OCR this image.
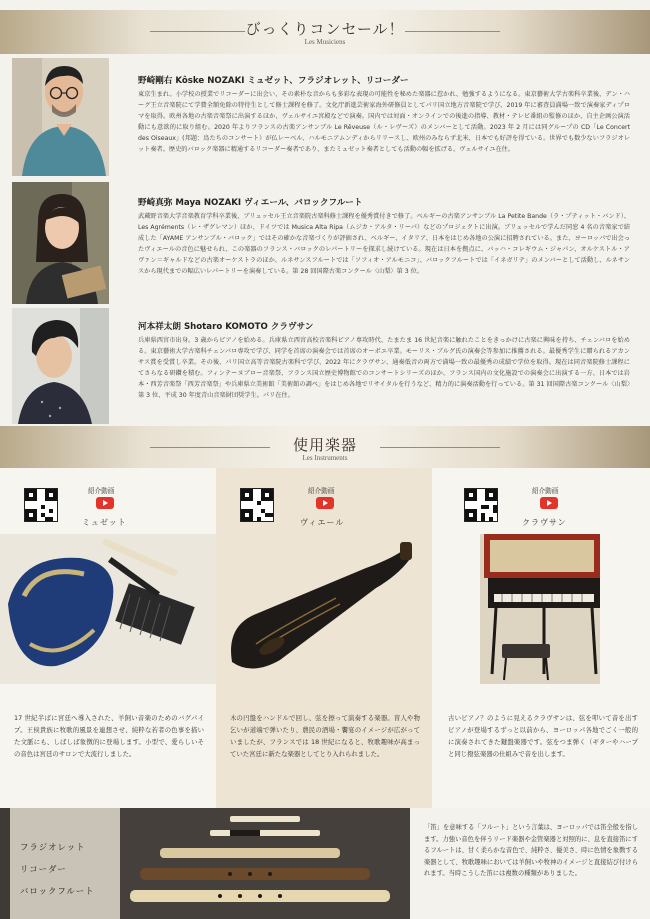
びっくりコンセール！
Les Musiciens
野崎剛右 Kôske NOZAKI ミュゼット、フラジオレット、リコーダー
東京生まれ。小学校の授業でリコーダーに出会い、その素朴な音からも多彩な表現の可能性を秘めた楽器に惹かれ、勉強するようになる。東京藝術大学古楽科卒業後、デン・ハーグ王立音楽院にて学費全額免除の特待生として修士課程を修了。文化庁新進芸術家海外研修員としてパリ国立地方音楽院で学び、2019 年に審査員満場一致で演奏家ディプロマを取得。欧州各地の古楽音楽祭に出演するほか、ヴェルサイユ宮殿などで演奏。国内では対面・オンラインでの後進の指導、教材・テレビ番組の監修のほか、自主企画公演活動にも意欲的に取り組む。2020 年よりフランスの古楽アンサンブル Le Rêveuse（ル・レヴーズ）のメンバーとして活動。2023 年 2 月には同グループの CD「Le Concert des Oiseaux」(邦題：鳥たちのコンサート）が仏レーベル、ハルモニアムンディからリリースし、欧州のみならず北米、日本でも好評を得ている。世界でも数少ないフラジオレット奏者。歴史的バロック楽器に精通するリコーダー奏者であり、またミュゼット奏者としても活動の幅を拡げる。ヴェルサイユ在住。
野崎真弥 Maya NOZAKI ヴィエール、バロックフルート
武蔵野音楽大学音楽教育学科卒業後、ブリュッセル王立音楽院古楽科修士課程を優秀賞付きで修了。ベルギーの古楽アンサンブル La Petite Bande（ラ・プティット・バンド）、Les Agréments（レ・ザグレマン）ほか、ドイツでは Musica Alta Ripa（ムジカ・アルタ・リーパ）などのプロジェクトに出演。ブリュッセルで学んだ同窓 4 名の音楽家で結成した「AYAME アンサンブル・バロック」ではその確かな音楽づくりが評価され、ベルギー、イタリア、日本をはじめ各地の公演に招聘されている。また、ヨーロッパで出会ったヴィエールの音色に魅せられ、この楽器のフランス・バロックのレパートリーを探求し続けている。現在は日本を拠点に、バッハ・コレギウム・ジャパン、オルケストル・アヴァン＝ギャルドなどの古楽オーケストラのほか、ルネサンスフルートでは「ソフィオ・アルモニコ」、バロックフルートでは「イネガリテ」のメンバーとして活動し、ルネサンスから現代までの幅広いレパートリーを演奏している。第 28 回国際古楽コンクール〈山梨〉第 3 位。
河本祥太朗 Shotaro KOMOTO クラヴサン
兵庫県西宮市出身。3 歳からピアノを始める。兵庫県立西宮高校音楽科ピアノ専攻時代、たまたま 16 世紀音楽に触れたことをきっかけに古楽に興味を持ち、チェンバロを始める。東京藝術大学古楽科チェンバロ専攻で学び、同学を首席の演奏会では首席のオーボエ卒業。モーリス・ブルグ氏の演奏会等参加に推薦される。最優秀学生に贈られるアカンサス賞を受賞し卒業。その後、パリ国立高等音楽院古楽科で学び、2022 年にクラヴサン、通奏低音の両方で満場一致の最優秀の成績で学位を取得。現在は同音楽院修士課程にてさらなる研鑽を積む。フィンテーヌブロー音楽祭、フランス国立歴史博物館でのコンサートシリーズのほか、フランス国内の文化施設での演奏会に出演する一方、日本では岩本・西芳音楽祭「西芳音楽祭」や兵庫県立美術館「美術館の調べ」をはじめ各地でリサイタルを行うなど、精力的に演奏活動を行っている。第 31 回国際古楽コンクール〈山梨〉第 3 位、平成 30 年度青山音楽財団奨学生。パリ在住。
使用楽器
Les Instruments
紹介動画
ミュゼット
17 世紀半ばに宮廷へ導入された、羊飼い音楽のためのバグパイプ。王侯貴族に牧歌的風景を連想させ、純粋な若者の色事を描いた文脈にも、しばしば象徴的に登場します。小型で、愛らしいその音色は宮廷のサロンで大流行しました。
紹介動画
ヴィエール
木の円盤をハンドルで回し、弦を擦って演奏する楽器。盲人や物乞いが道端で弾いたり、農民の酒場・饗宴のイメージが広がっていましたが、フランスでは 18 世紀になると、牧歌趣味が高まっていた宮廷に新たな楽器としてとり入れられました。
紹介動画
クラヴサン
古いピアノ？のように見えるクラヴサンは、弦を叩いて音を出すピアノが登場するずっと以前から、ヨーロッパ各地でごく一般的に演奏されてきた鍵盤楽器です。弦をつま弾く（ギターやハープと同じ撥弦楽器の仕組みで音を出します。
フラジオレット
リコーダー
バロックフルート
「笛」を意味する「フルート」という言葉は、ヨーロッパでは笛全般を指します。力強い音色を伴うリード楽器や金管楽器と対照的に、息を直接笛にするフルートは、甘く柔らかな音色で、純粋さ、優美さ、時に色情を象徴する楽器として、牧歌趣味においては羊飼いや牧神のイメージと直接結び付けられます。当時こうした笛には複数の種類がありました。
